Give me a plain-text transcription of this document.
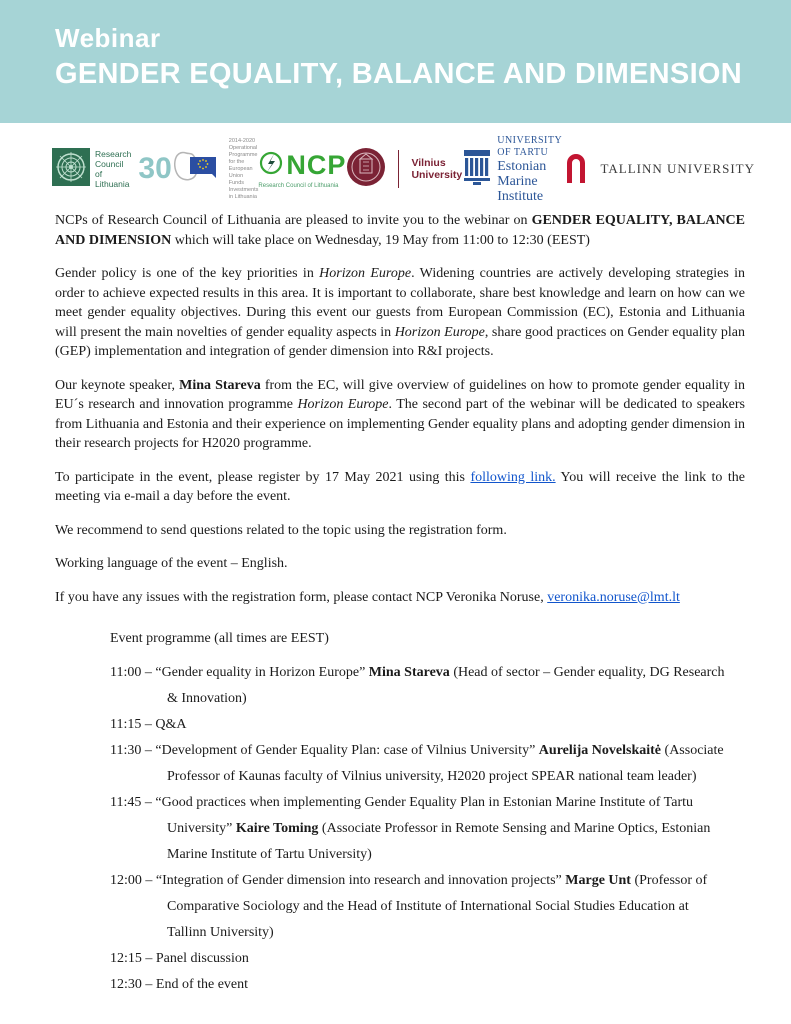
Webinar
GENDER EQUALITY, BALANCE AND DIMENSION
Research
Council of
Lithuania 30
2014-2020 Operational
Programme for the
European Union Funds
Investments in Lithuania
NCP
Research Council of Lithuania
Vilnius
University
UNIVERSITY OF TARTU
Estonian Marine Institute
TALLINN UNIVERSITY

NCPs of Research Council of Lithuania are pleased to invite you to the webinar on GENDER EQUALITY, BALANCE AND DIMENSION which will take place on Wednesday, 19 May from 11:00 to 12:30 (EEST)

Gender policy is one of the key priorities in Horizon Europe. Widening countries are actively developing strategies in order to achieve expected results in this area. It is important to collaborate, share best knowledge and learn on how can we meet gender equality objectives. During this event our guests from European Commission (EC), Estonia and Lithuania will present the main novelties of gender equality aspects in Horizon Europe, share good practices on Gender equality plan (GEP) implementation and integration of gender dimension into R&I projects.

Our keynote speaker, Mina Stareva from the EC, will give overview of guidelines on how to promote gender equality in EU´s research and innovation programme Horizon Europe. The second part of the webinar will be dedicated to speakers from Lithuania and Estonia and their experience on implementing Gender equality plans and adopting gender dimension in their research projects for H2020 programme.

To participate in the event, please register by 17 May 2021 using this following link. You will receive the link to the meeting via e-mail a day before the event.

We recommend to send questions related to the topic using the registration form.

Working language of the event – English.

If you have any issues with the registration form, please contact NCP Veronika Noruse, veronika.noruse@lmt.lt

Event programme (all times are EEST)
11:00 – “Gender equality in Horizon Europe” Mina Stareva (Head of sector – Gender equality, DG Research & Innovation)
11:15 – Q&A
11:30 – “Development of Gender Equality Plan: case of Vilnius University” Aurelija Novelskaitė (Associate Professor of Kaunas faculty of Vilnius university, H2020 project SPEAR national team leader)
11:45 – “Good practices when implementing Gender Equality Plan in Estonian Marine Institute of Tartu University” Kaire Toming (Associate Professor in Remote Sensing and Marine Optics, Estonian Marine Institute of Tartu University)
12:00 – “Integration of Gender dimension into research and innovation projects” Marge Unt (Professor of Comparative Sociology and the Head of Institute of International Social Studies Education at Tallinn University)
12:15 – Panel discussion
12:30 – End of the event
